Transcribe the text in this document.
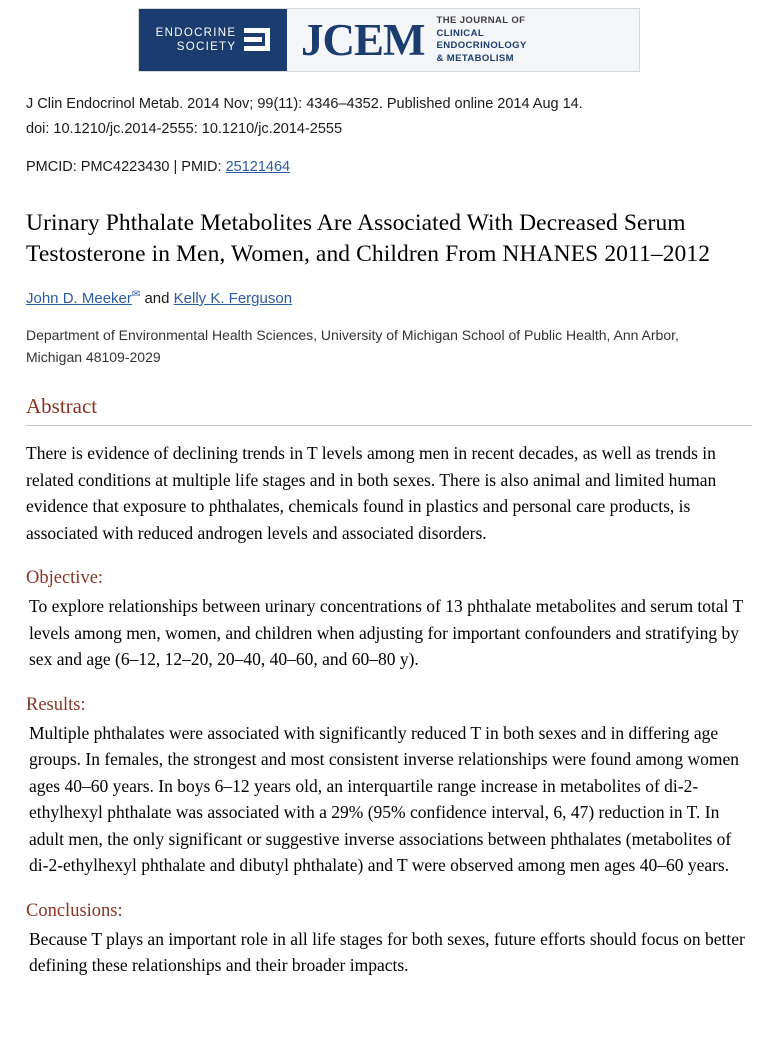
ENDOCRINE
SOCIETY JCEM THE JOURNAL OF
CLINICAL
ENDOCRINOLOGY
& METABOLISM
J Clin Endocrinol Metab. 2014 Nov; 99(11): 4346–4352. Published online 2014 Aug 14.
doi: 10.1210/jc.2014-2555: 10.1210/jc.2014-2555
PMCID: PMC4223430 | PMID: 25121464
Urinary Phthalate Metabolites Are Associated With Decreased Serum Testosterone in Men, Women, and Children From NHANES 2011–2012
John D. Meeker✉ and Kelly K. Ferguson
Department of Environmental Health Sciences, University of Michigan School of Public Health, Ann Arbor, Michigan 48109-2029
Abstract

There is evidence of declining trends in T levels among men in recent decades, as well as trends in related conditions at multiple life stages and in both sexes. There is also animal and limited human evidence that exposure to phthalates, chemicals found in plastics and personal care products, is associated with reduced androgen levels and associated disorders.

Objective:

To explore relationships between urinary concentrations of 13 phthalate metabolites and serum total T levels among men, women, and children when adjusting for important confounders and stratifying by sex and age (6–12, 12–20, 20–40, 40–60, and 60–80 y).

Results:

Multiple phthalates were associated with significantly reduced T in both sexes and in differing age groups. In females, the strongest and most consistent inverse relationships were found among women ages 40–60 years. In boys 6–12 years old, an interquartile range increase in metabolites of di-2-ethylhexyl phthalate was associated with a 29% (95% confidence interval, 6, 47) reduction in T. In adult men, the only significant or suggestive inverse associations between phthalates (metabolites of di-2-ethylhexyl phthalate and dibutyl phthalate) and T were observed among men ages 40–60 years.

Conclusions:

Because T plays an important role in all life stages for both sexes, future efforts should focus on better defining these relationships and their broader impacts.
